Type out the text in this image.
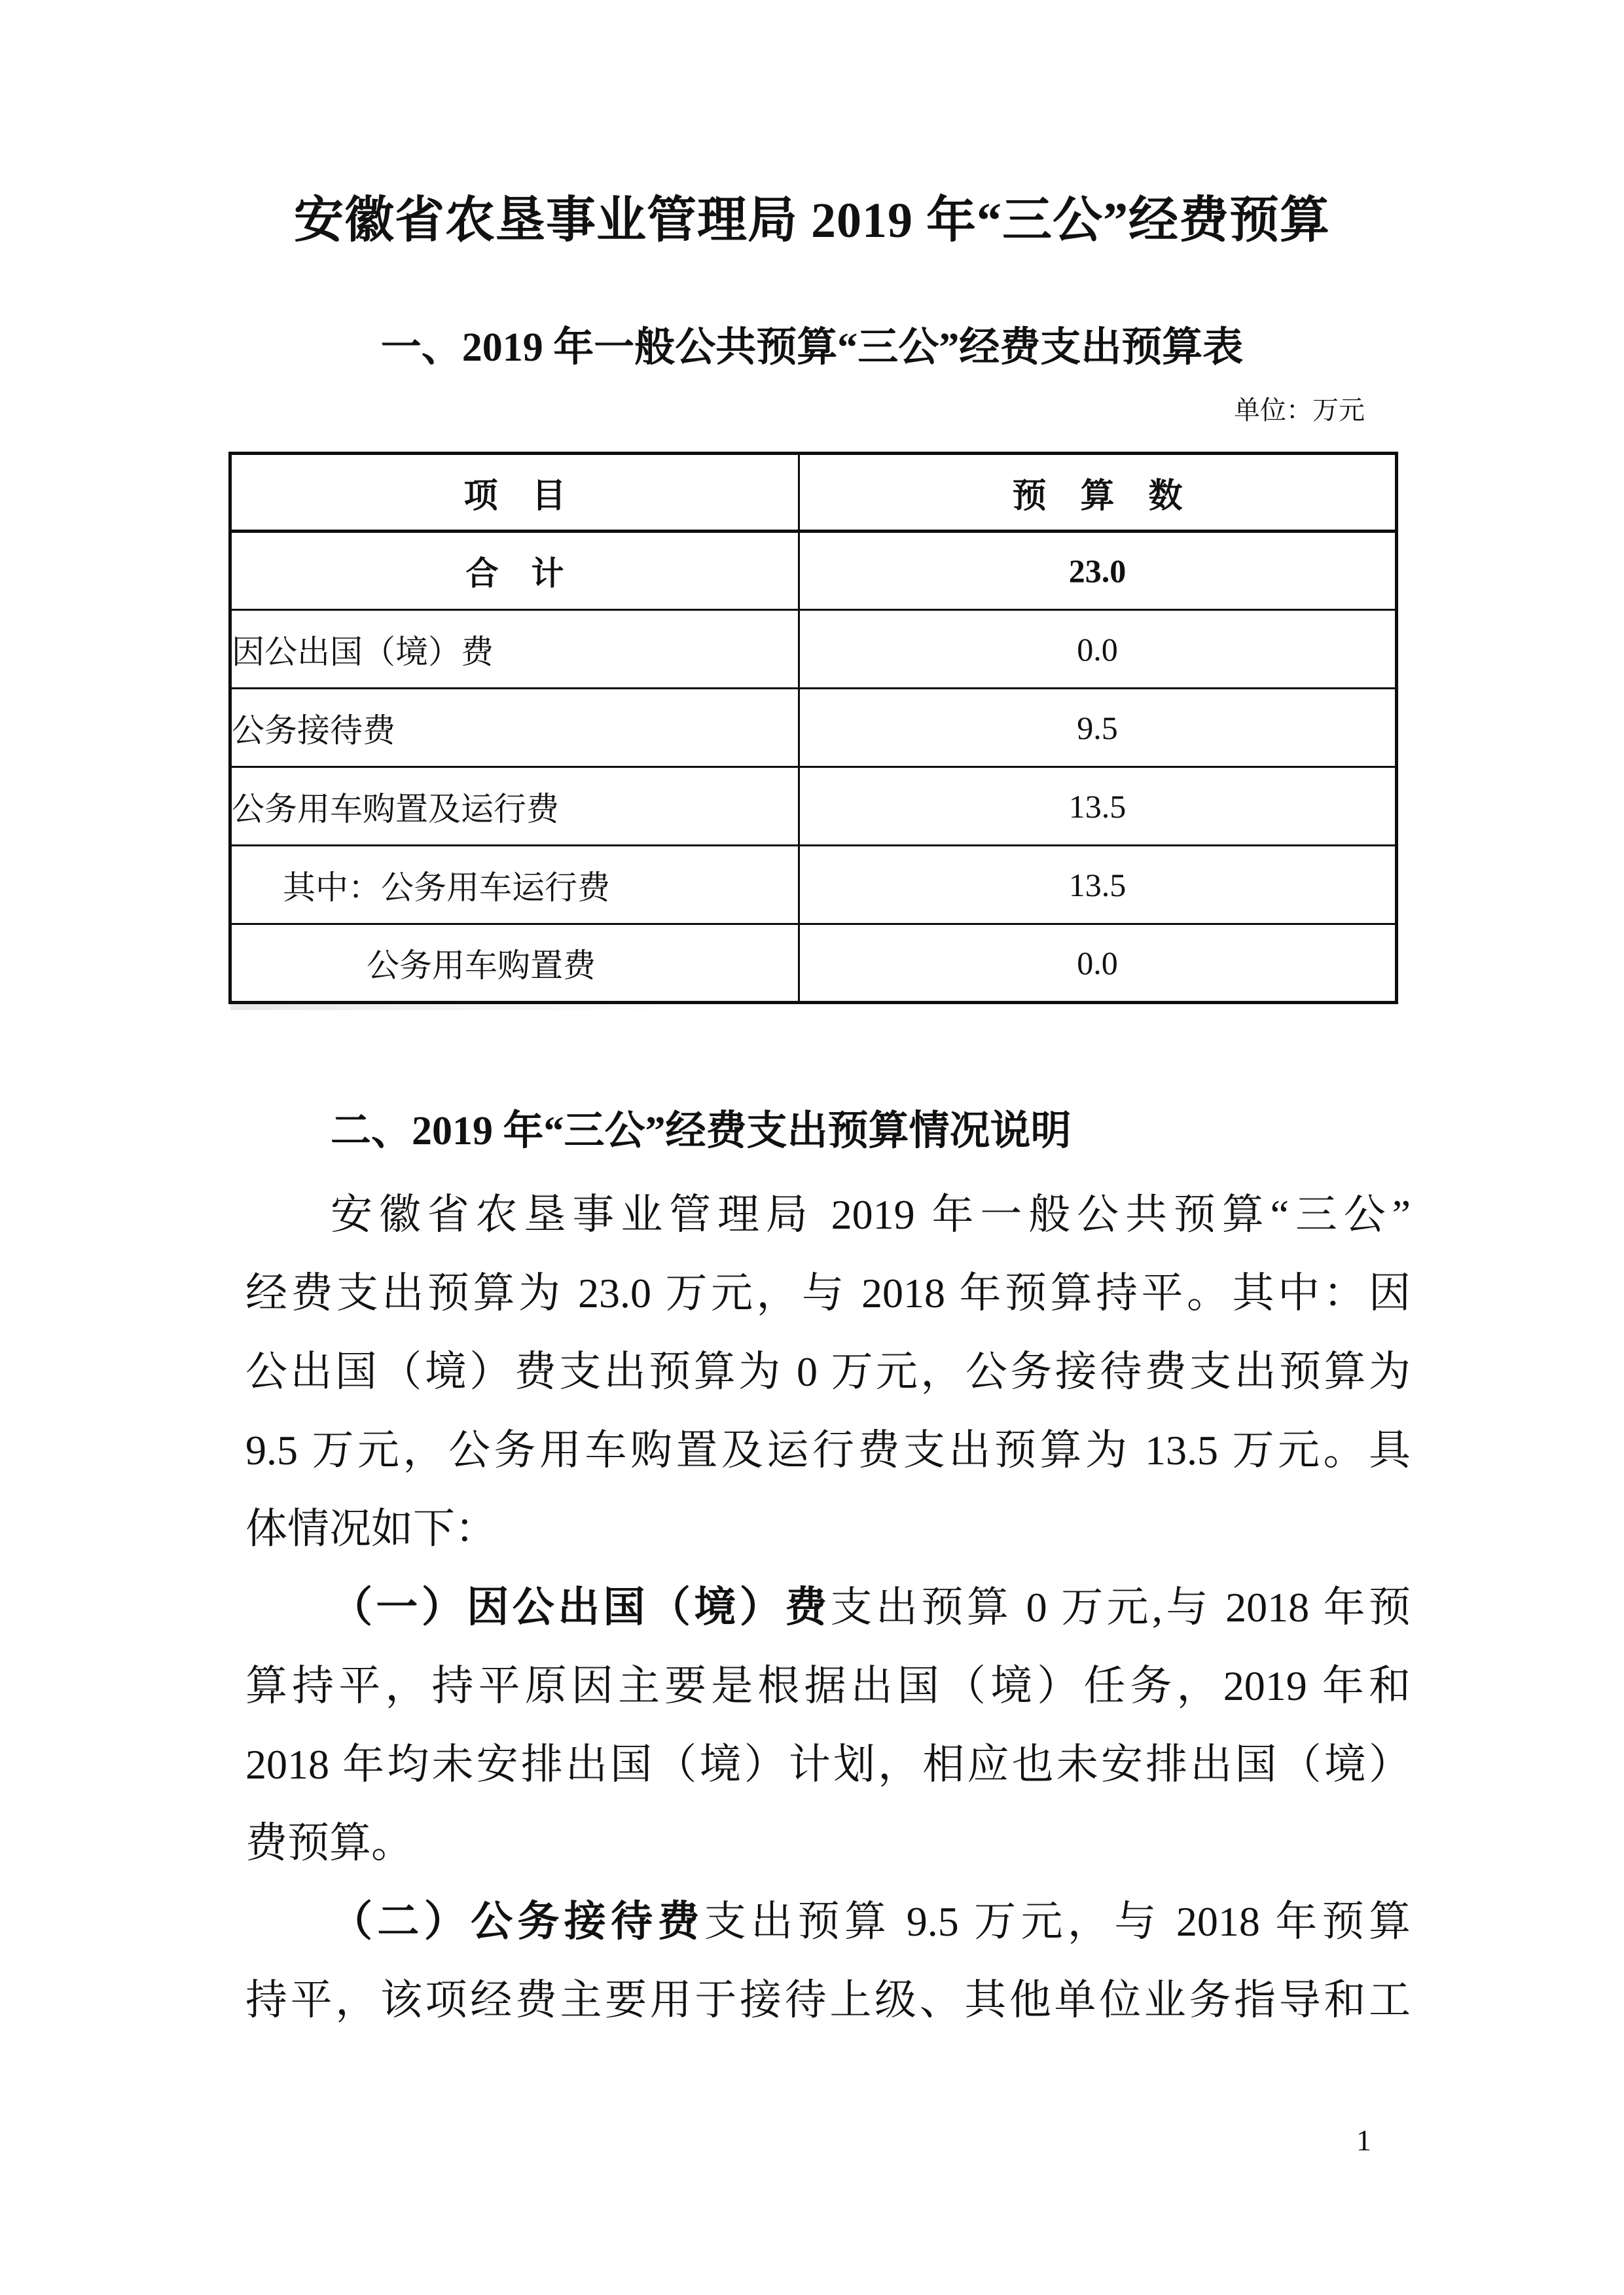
安徽省农垦事业管理局 2019 年“三公”经费预算
一、2019 年一般公共预算“三公”经费支出预算表
单位：万元
项　目	预　算　数
合　计	23.0
因公出国（境）费	0.0
公务接待费	9.5
公务用车购置及运行费	13.5
其中：公务用车运行费	13.5
公务用车购置费	0.0
二、2019 年“三公”经费支出预算情况说明
安徽省农垦事业管理局 2019 年一般公共预算“三公”
经费支出预算为 23.0 万元，与 2018 年预算持平。其中：因
公出国（境）费支出预算为 0 万元，公务接待费支出预算为
9.5 万元，公务用车购置及运行费支出预算为 13.5 万元。具
体情况如下：
（一）因公出国（境）费支出预算 0 万元,与 2018 年预
算持平，持平原因主要是根据出国（境）任务，2019 年和
2018 年均未安排出国（境）计划，相应也未安排出国（境）
费预算。
（二）公务接待费支出预算 9.5 万元，与 2018 年预算
持平，该项经费主要用于接待上级、其他单位业务指导和工
1
